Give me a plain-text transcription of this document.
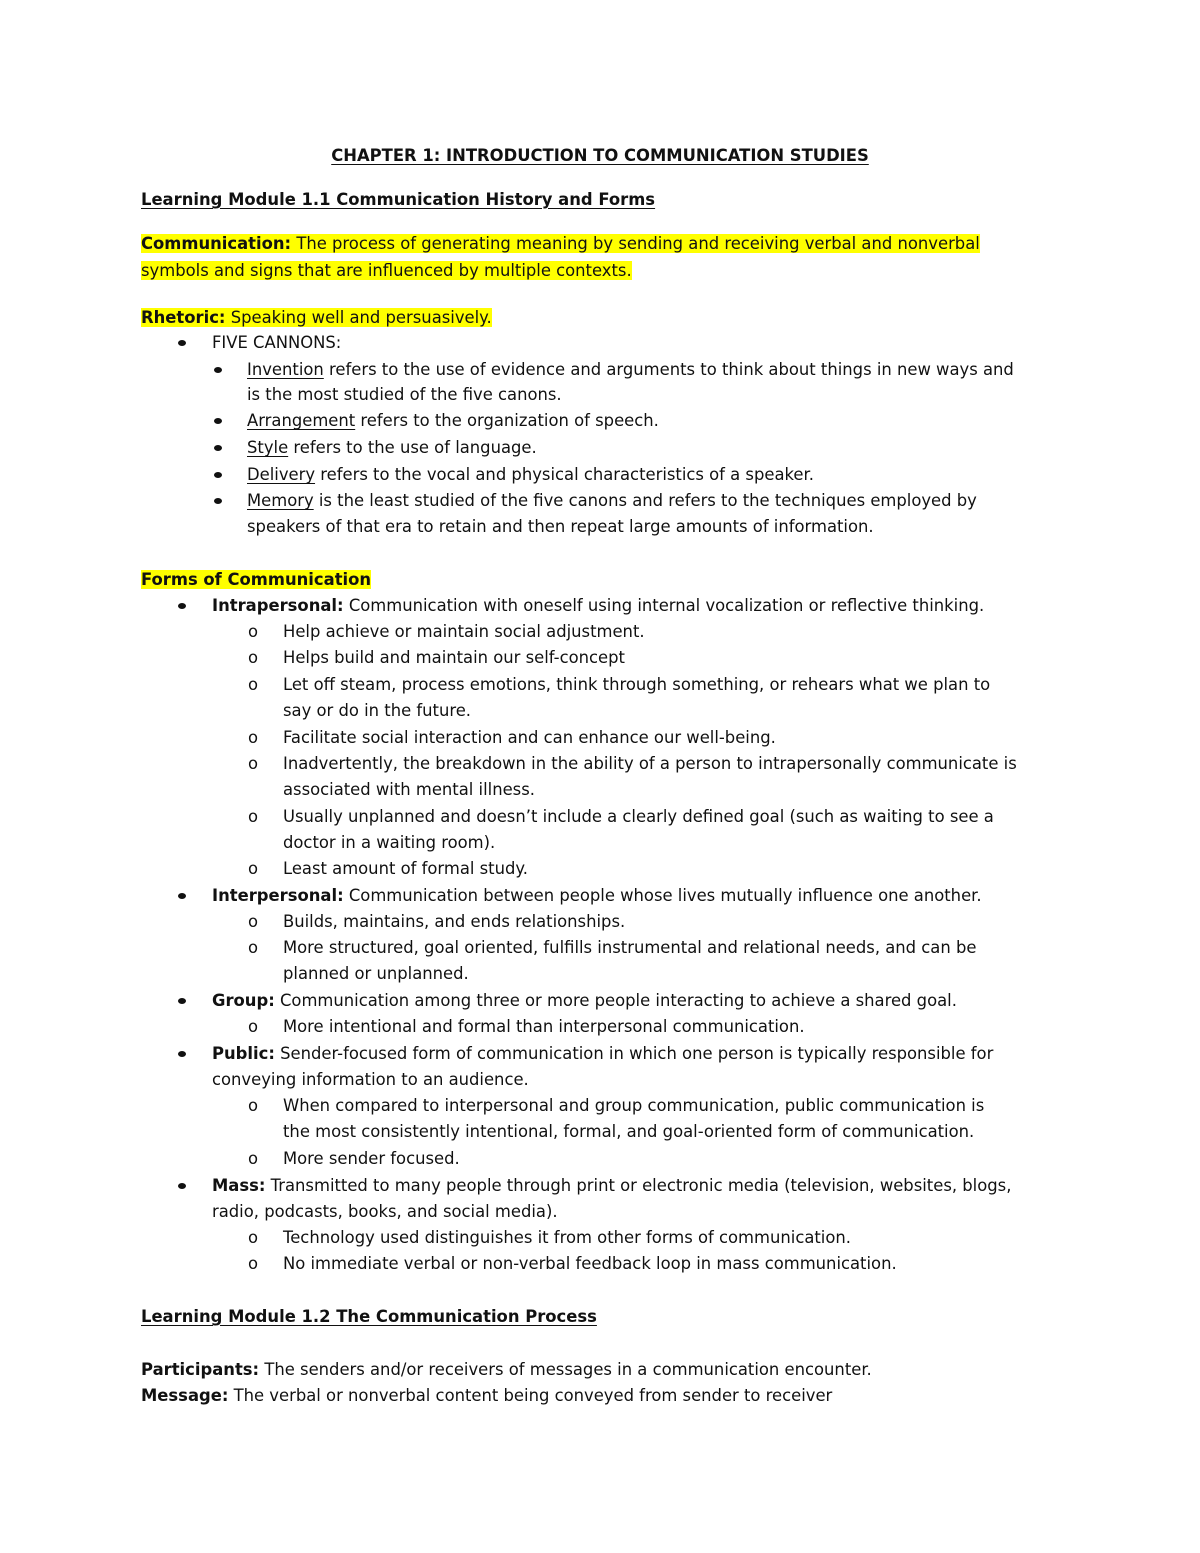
CHAPTER 1: INTRODUCTION TO COMMUNICATION STUDIES
Learning Module 1.1 Communication History and Forms
Communication: The process of generating meaning by sending and receiving verbal and nonverbal
symbols and signs that are influenced by multiple contexts.
Rhetoric: Speaking well and persuasively.
FIVE CANNONS:
Invention refers to the use of evidence and arguments to think about things in new ways and
is the most studied of the five canons.
Arrangement refers to the organization of speech.
Style refers to the use of language.
Delivery refers to the vocal and physical characteristics of a speaker.
Memory is the least studied of the five canons and refers to the techniques employed by
speakers of that era to retain and then repeat large amounts of information.
Forms of Communication
Intrapersonal: Communication with oneself using internal vocalization or reflective thinking.
o Help achieve or maintain social adjustment.
o Helps build and maintain our self-concept
o Let off steam, process emotions, think through something, or rehears what we plan to
say or do in the future.
o Facilitate social interaction and can enhance our well-being.
o Inadvertently, the breakdown in the ability of a person to intrapersonally communicate is
associated with mental illness.
o Usually unplanned and doesn’t include a clearly defined goal (such as waiting to see a
doctor in a waiting room).
o Least amount of formal study.
Interpersonal: Communication between people whose lives mutually influence one another.
o Builds, maintains, and ends relationships.
o More structured, goal oriented, fulfills instrumental and relational needs, and can be
planned or unplanned.
Group: Communication among three or more people interacting to achieve a shared goal.
o More intentional and formal than interpersonal communication.
Public: Sender-focused form of communication in which one person is typically responsible for
conveying information to an audience.
o When compared to interpersonal and group communication, public communication is
the most consistently intentional, formal, and goal-oriented form of communication.
o More sender focused.
Mass: Transmitted to many people through print or electronic media (television, websites, blogs,
radio, podcasts, books, and social media).
o Technology used distinguishes it from other forms of communication.
o No immediate verbal or non-verbal feedback loop in mass communication.
Learning Module 1.2 The Communication Process
Participants: The senders and/or receivers of messages in a communication encounter.
Message: The verbal or nonverbal content being conveyed from sender to receiver
